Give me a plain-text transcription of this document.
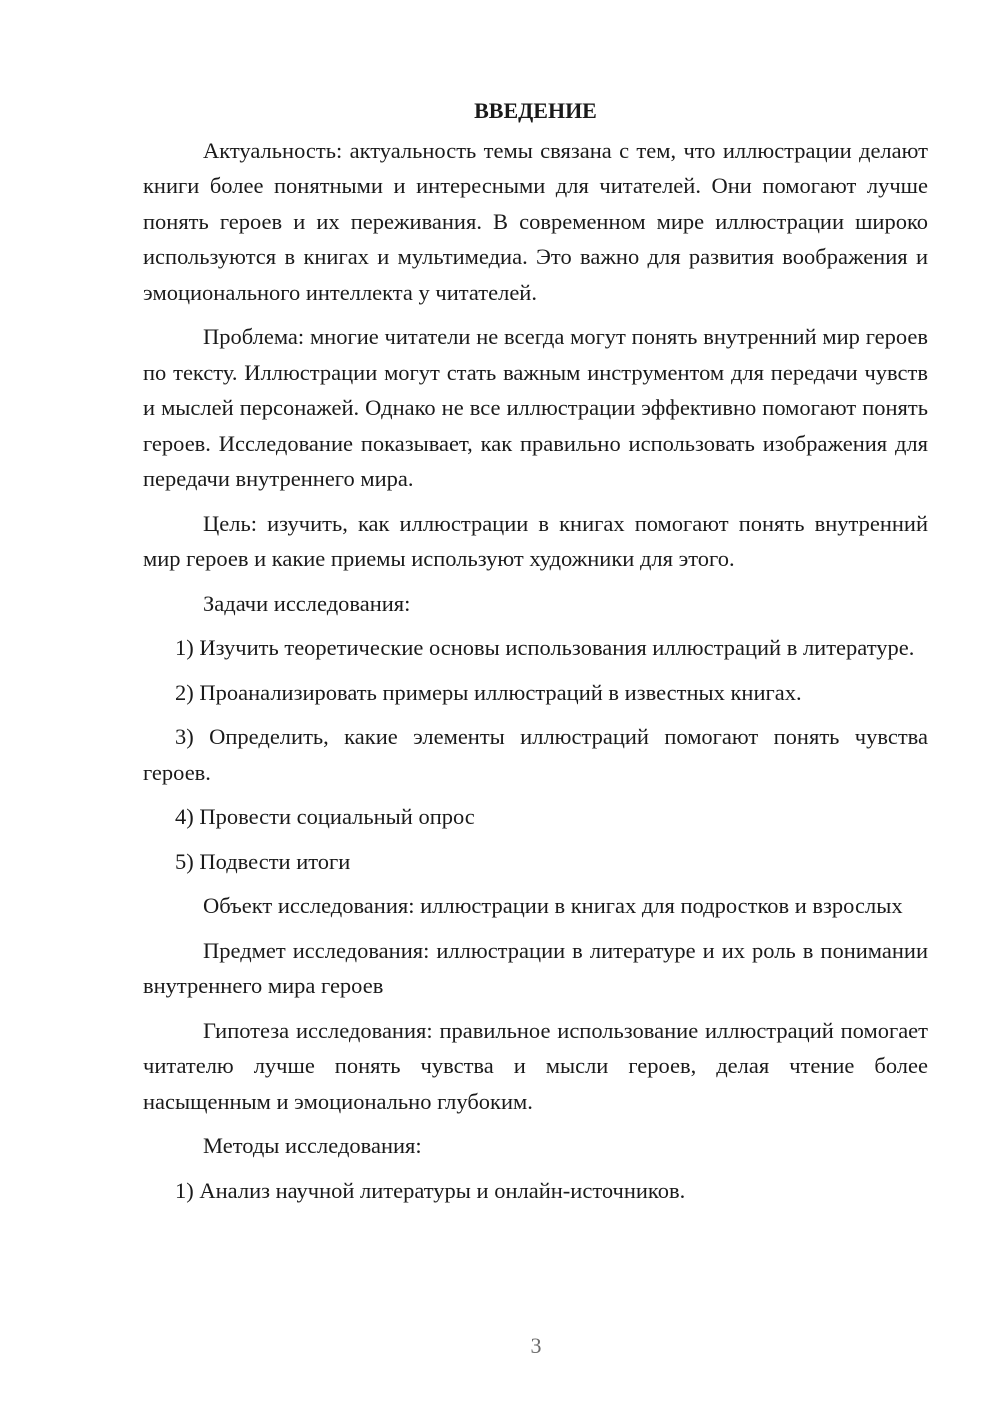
ВВЕДЕНИЕ

Актуальность: актуальность темы связана с тем, что иллюстрации делают книги более понятными и интересными для читателей. Они помогают лучше понять героев и их переживания. В современном мире иллюстрации широко используются в книгах и мультимедиа. Это важно для развития воображения и эмоционального интеллекта у читателей.

Проблема: многие читатели не всегда могут понять внутренний мир героев по тексту. Иллюстрации могут стать важным инструментом для передачи чувств и мыслей персонажей. Однако не все иллюстрации эффективно помогают понять героев. Исследование показывает, как правильно использовать изображения для передачи внутреннего мира.

Цель: изучить, как иллюстрации в книгах помогают понять внутренний мир героев и какие приемы используют художники для этого.

Задачи исследования:

1) Изучить теоретические основы использования иллюстраций в литературе.

2) Проанализировать примеры иллюстраций в известных книгах.

3) Определить, какие элементы иллюстраций помогают понять чувства героев.

4) Провести социальный опрос

5) Подвести итоги

Объект исследования: иллюстрации в книгах для подростков и взрослых

Предмет исследования: иллюстрации в литературе и их роль в понимании внутреннего мира героев

Гипотеза исследования: правильное использование иллюстраций помогает читателю лучше понять чувства и мысли героев, делая чтение более насыщенным и эмоционально глубоким.

Методы исследования:

1) Анализ научной литературы и онлайн-источников.

3
